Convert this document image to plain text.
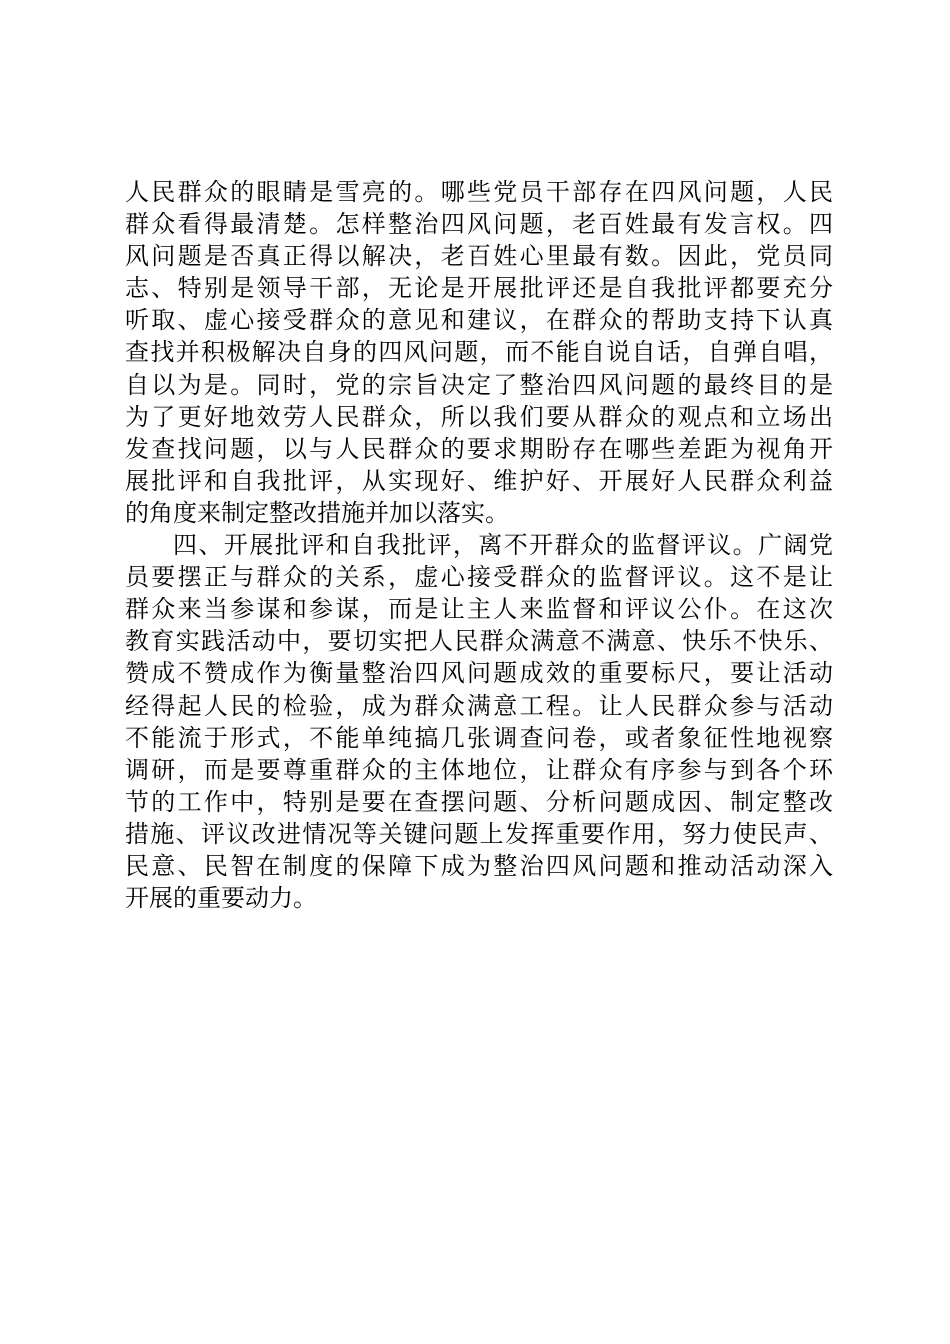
人民群众的眼睛是雪亮的。哪些党员干部存在四风问题，人民
群众看得最清楚。怎样整治四风问题，老百姓最有发言权。四
风问题是否真正得以解决，老百姓心里最有数。因此，党员同
志、特别是领导干部，无论是开展批评还是自我批评都要充分
听取、虚心接受群众的意见和建议，在群众的帮助支持下认真
查找并积极解决自身的四风问题，而不能自说自话，自弹自唱，
自以为是。同时，党的宗旨决定了整治四风问题的最终目的是
为了更好地效劳人民群众，所以我们要从群众的观点和立场出
发查找问题，以与人民群众的要求期盼存在哪些差距为视角开
展批评和自我批评，从实现好、维护好、开展好人民群众利益
的角度来制定整改措施并加以落实。
四、开展批评和自我批评，离不开群众的监督评议。广阔党
员要摆正与群众的关系，虚心接受群众的监督评议。这不是让
群众来当参谋和参谋，而是让主人来监督和评议公仆。在这次
教育实践活动中，要切实把人民群众满意不满意、快乐不快乐、
赞成不赞成作为衡量整治四风问题成效的重要标尺，要让活动
经得起人民的检验，成为群众满意工程。让人民群众参与活动
不能流于形式，不能单纯搞几张调查问卷，或者象征性地视察
调研，而是要尊重群众的主体地位，让群众有序参与到各个环
节的工作中，特别是要在查摆问题、分析问题成因、制定整改
措施、评议改进情况等关键问题上发挥重要作用，努力使民声、
民意、民智在制度的保障下成为整治四风问题和推动活动深入
开展的重要动力。
